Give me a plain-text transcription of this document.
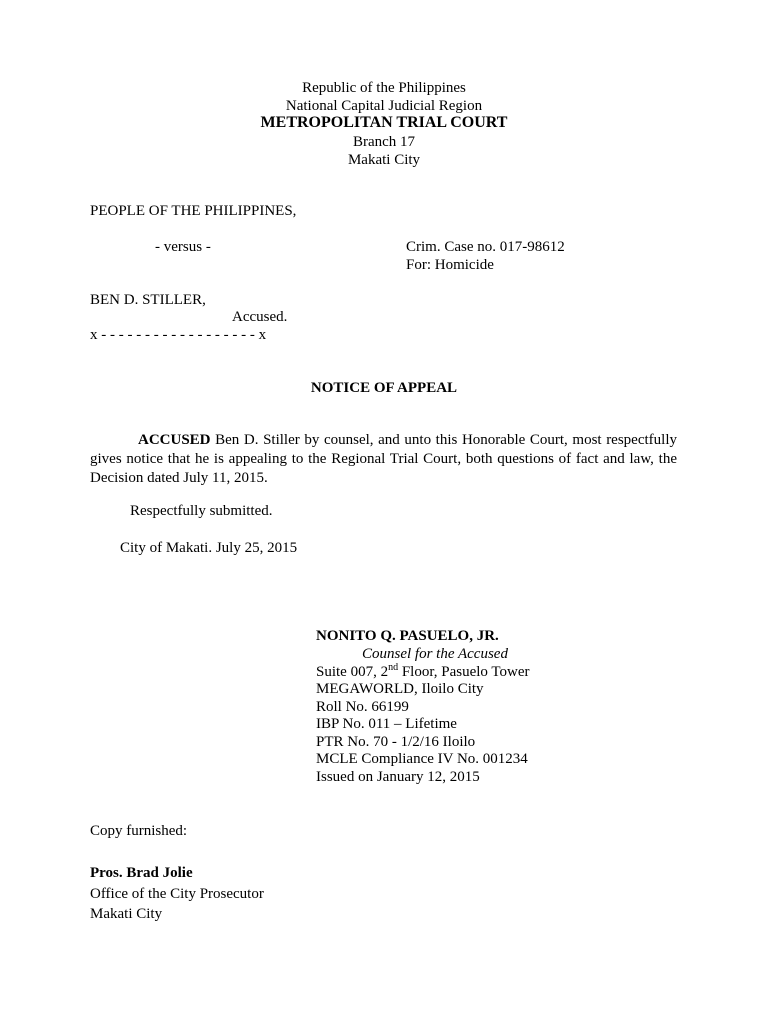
Republic of the Philippines
National Capital Judicial Region
METROPOLITAN TRIAL COURT
Branch 17
Makati City
PEOPLE OF THE PHILIPPINES,
- versus -	Crim. Case no. 017-98612
For: Homicide
BEN D. STILLER,
Accused.
x - - - - - - - - - - - - - - - - - - x
NOTICE OF APPEAL
ACCUSED Ben D. Stiller by counsel, and unto this Honorable Court, most respectfully gives notice that he is appealing to the Regional Trial Court, both questions of fact and law, the Decision dated July 11, 2015.
Respectfully submitted.
City of Makati. July 25, 2015
NONITO Q. PASUELO, JR.
Counsel for the Accused
Suite 007, 2nd Floor, Pasuelo Tower
MEGAWORLD, Iloilo City
Roll No. 66199
IBP No. 011 – Lifetime
PTR No. 70 - 1/2/16 Iloilo
MCLE Compliance IV No. 001234
Issued on January 12, 2015
Copy furnished:
Pros. Brad Jolie
Office of the City Prosecutor
Makati City
